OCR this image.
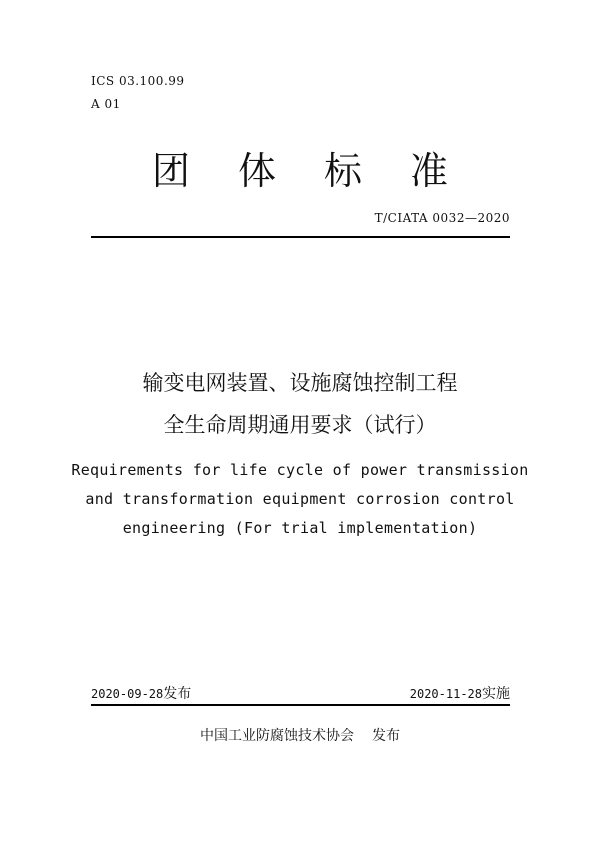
ICS 03.100.99
A 01
团体标准
T/CIATA 0032—2020
输变电网装置、设施腐蚀控制工程
全生命周期通用要求（试行）
Requirements for life cycle of power transmission
and transformation equipment corrosion control
engineering (For trial implementation)
2020-09-28发布	2020-11-28实施
中国工业防腐蚀技术协会 发布
